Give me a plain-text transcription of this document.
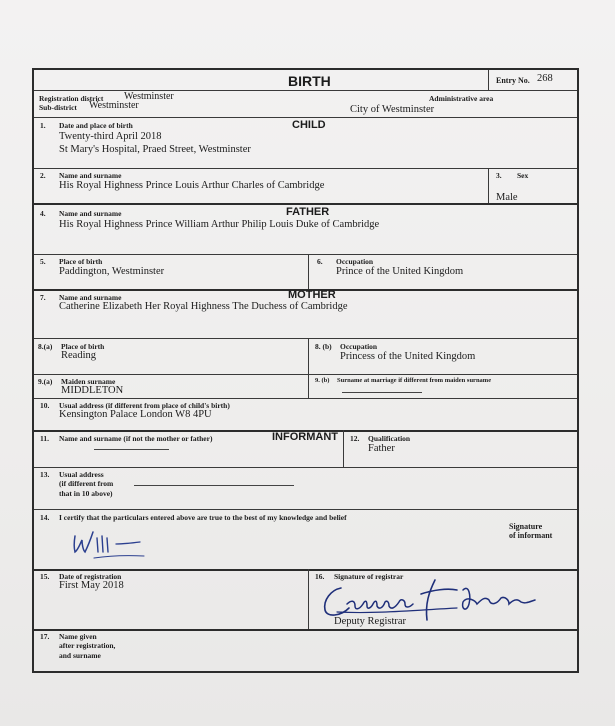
BIRTH	Entry No. 268
Registration district Westminster	Administrative area
Sub-district Westminster	City of Westminster
1. Date and place of birth	CHILD
Twenty-third April 2018
St Mary's Hospital, Praed Street, Westminster
2. Name and surname
His Royal Highness Prince Louis Arthur Charles of Cambridge
3. Sex
Male
4. Name and surname	FATHER
His Royal Highness Prince William Arthur Philip Louis Duke of Cambridge
5. Place of birth
Paddington, Westminster
6. Occupation
Prince of the United Kingdom
7. Name and surname	MOTHER
Catherine Elizabeth Her Royal Highness The Duchess of Cambridge
8.(a) Place of birth
Reading
8. (b) Occupation
Princess of the United Kingdom
9.(a) Maiden surname
MIDDLETON
9. (b) Surname at marriage if different from maiden surname
10. Usual address (if different from place of child's birth)
Kensington Palace London W8 4PU
11. Name and surname (if not the mother or father)	INFORMANT 12. Qualification
Father
13. Usual address
(if different from
that in 10 above)
14. I certify that the particulars entered above are true to the best of my knowledge and belief
Signature
of informant
15. Date of registration
First May 2018
16. Signature of registrar
Deputy Registrar
17. Name given
after registration,
and surname
